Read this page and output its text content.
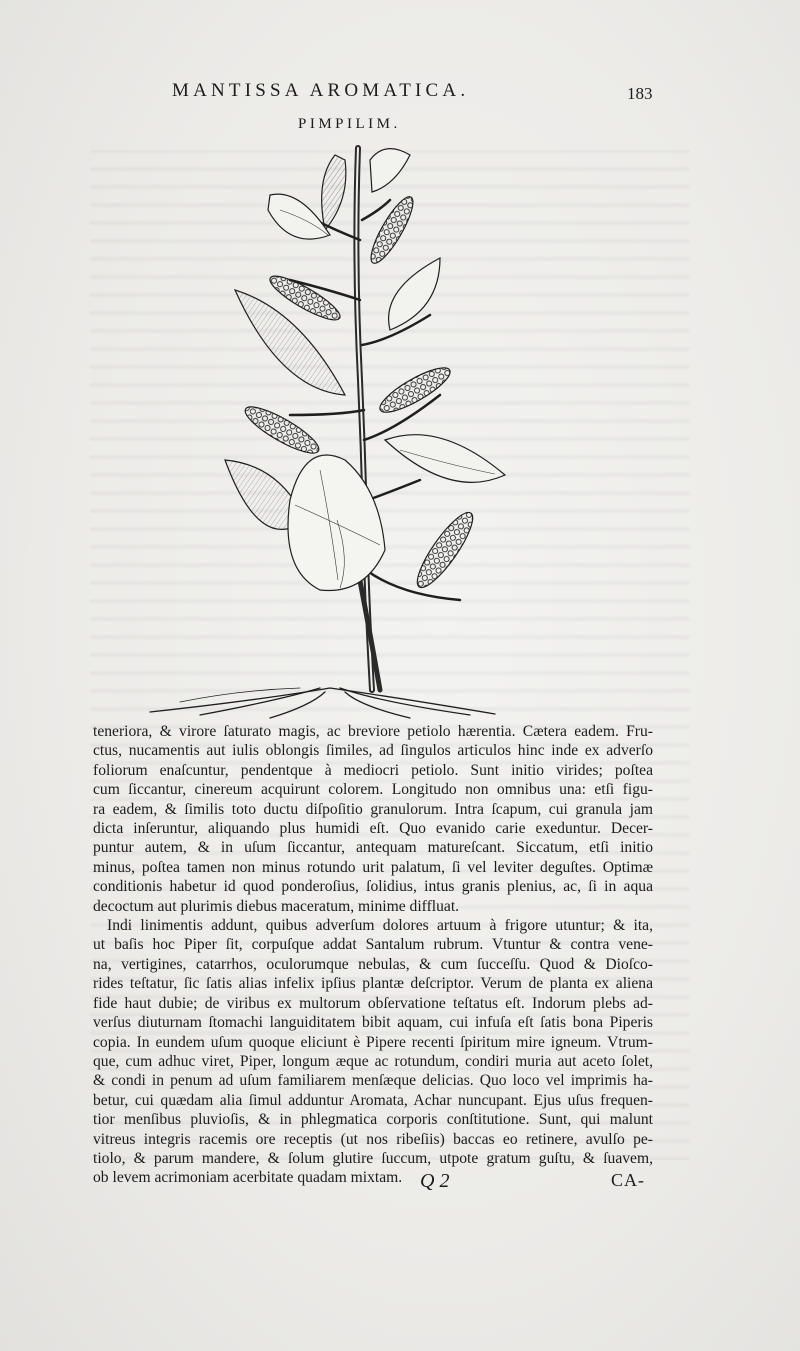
MANTISSA AROMATICA.	183
PIMPILIM.
teneriora, & virore ſaturato magis, ac breviore petiolo hærentia. Cætera eadem. Fru-
ctus, nucamentis aut iulis oblongis ſimiles, ad ſingulos articulos hinc inde ex adverſo
foliorum enaſcuntur, pendentque à mediocri petiolo. Sunt initio virides; poſtea
cum ſiccantur, cinereum acquirunt colorem. Longitudo non omnibus una: etſi figu-
ra eadem, & ſimilis toto ductu diſpoſitio granulorum. Intra ſcapum, cui granula jam
dicta inſeruntur, aliquando plus humidi eſt. Quo evanido carie exeduntur. Decer-
puntur autem, & in uſum ſiccantur, antequam matureſcant. Siccatum, etſi initio
minus, poſtea tamen non minus rotundo urit palatum, ſi vel leviter deguſtes. Optimæ
conditionis habetur id quod ponderoſius, ſolidius, intus granis plenius, ac, ſi in aqua
decoctum aut plurimis diebus maceratum, minime diffluat.
Indi linimentis addunt, quibus adverſum dolores artuum à frigore utuntur; & ita,
ut baſis hoc Piper ſit, corpuſque addat Santalum rubrum. Vtuntur & contra vene-
na, vertigines, catarrhos, oculorumque nebulas, & cum ſucceſſu. Quod & Dioſco-
rides teſtatur, ſic ſatis alias infelix ipſius plantæ deſcriptor. Verum de planta ex aliena
fide haut dubie; de viribus ex multorum obſervatione teſtatus eſt. Indorum plebs ad-
verſus diuturnam ſtomachi languiditatem bibit aquam, cui infuſa eſt ſatis bona Piperis
copia. In eundem uſum quoque eliciunt è Pipere recenti ſpiritum mire igneum. Vtrum-
que, cum adhuc viret, Piper, longum æque ac rotundum, condiri muria aut aceto ſolet,
& condi in penum ad uſum familiarem menſæque delicias. Quo loco vel imprimis ha-
betur, cui quædam alia ſimul adduntur Aromata, Achar nuncupant. Ejus uſus frequen-
tior menſibus pluvioſis, & in phlegmatica corporis conſtitutione. Sunt, qui malunt
vitreus integris racemis ore receptis (ut nos ribeſiis) baccas eo retinere, avulſo pe-
tiolo, & parum mandere, & ſolum glutire ſuccum, utpote gratum guſtu, & ſuavem,
ob levem acrimoniam acerbitate quadam mixtam. Q 2	CA-
